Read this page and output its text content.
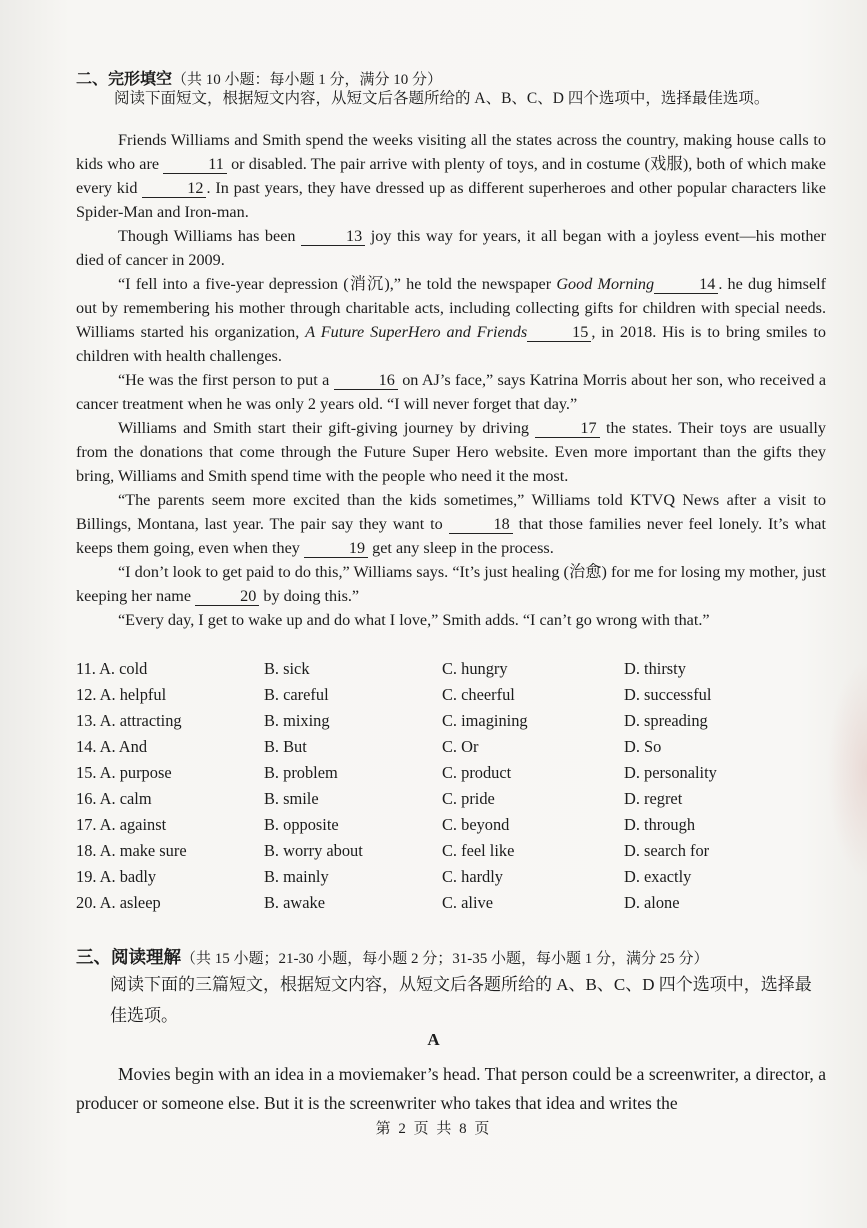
二、完形填空（共 10 小题：每小题 1 分，满分 10 分）
阅读下面短文，根据短文内容，从短文后各题所给的 A、B、C、D 四个选项中，选择最佳选项。

Friends Williams and Smith spend the weeks visiting all the states across the country, making house calls to kids who are	11 or disabled. The pair arrive with plenty of toys, and in costume (戏服), both of which make every kid	12 . In past years, they have dressed up as different superheroes and other popular characters like Spider-Man and Iron-man.

Though Williams has been	13 joy this way for years, it all began with a joyless event—his mother died of cancer in 2009.

“I fell into a five-year depression (消沉),” he told the newspaper Good Morning	14 . he dug himself out by remembering his mother through charitable acts, including collecting gifts for children with special needs. Williams started his organization, A Future SuperHero and Friends	15 , in 2018. His is to bring smiles to children with health challenges.

“He was the first person to put a	16 on AJ’s face,” says Katrina Morris about her son, who received a cancer treatment when he was only 2 years old. “I will never forget that day.”

Williams and Smith start their gift-giving journey by driving	17 the states. Their toys are usually from the donations that come through the Future Super Hero website. Even more important than the gifts they bring, Williams and Smith spend time with the people who need it the most.

“The parents seem more excited than the kids sometimes,” Williams told KTVQ News after a visit to Billings, Montana, last year. The pair say they want to	18 that those families never feel lonely. It’s what keeps them going, even when they	19 get any sleep in the process.

“I don’t look to get paid to do this,” Williams says. “It’s just healing (治愈) for me for losing my mother, just keeping her name	20 by doing this.”

“Every day, I get to wake up and do what I love,” Smith adds. “I can’t go wrong with that.”

11. A. cold	B. sick	C. hungry	D. thirsty
12. A. helpful	B. careful	C. cheerful	D. successful
13. A. attracting	B. mixing	C. imagining	D. spreading
14. A. And	B. But	C. Or	D. So
15. A. purpose	B. problem	C. product	D. personality
16. A. calm	B. smile	C. pride	D. regret
17. A. against	B. opposite	C. beyond	D. through
18. A. make sure	B. worry about	C. feel like	D. search for
19. A. badly	B. mainly	C. hardly	D. exactly
20. A. asleep	B. awake	C. alive	D. alone
三、阅读理解（共 15 小题；21-30 小题，每小题 2 分；31-35 小题，每小题 1 分，满分 25 分）
阅读下面的三篇短文，根据短文内容，从短文后各题所给的 A、B、C、D 四个选项中，选择最佳选项。
A

Movies begin with an idea in a moviemaker’s head. That person could be a screenwriter, a director, a producer or someone else. But it is the screenwriter who takes that idea and writes the

第 2 页 共 8 页
